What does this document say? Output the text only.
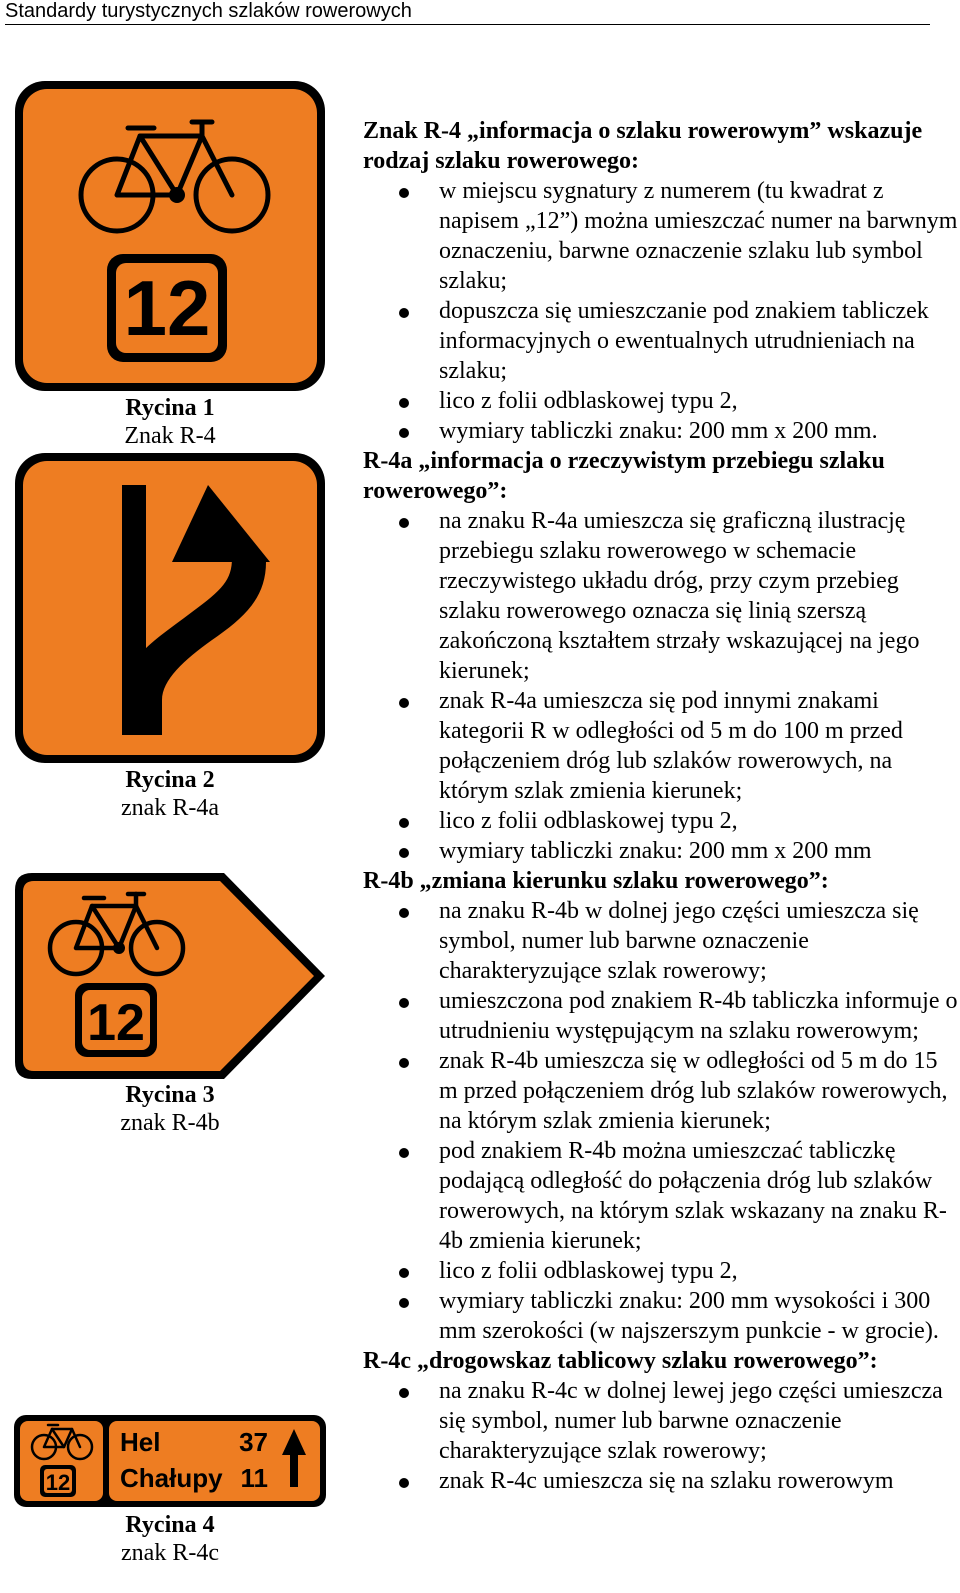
Standardy turystycznych szlaków rowerowych
12
Rycina 1
Znak R-4
Rycina 2
znak R-4a
12
Rycina 3
znak R-4b
12
Hel	37
Chałupy 11
Rycina 4
znak R-4c

Znak R-4 „informacja o szlaku rowerowym” wskazuje rodzaj szlaku rowerowego:

w miejscu sygnatury z numerem (tu kwadrat z napisem „12”) można umieszczać numer na barwnym oznaczeniu, barwne oznaczenie szlaku lub symbol szlaku;
dopuszcza się umieszczanie pod znakiem tabliczek informacyjnych o ewentualnych utrudnieniach na szlaku;
lico z folii odblaskowej typu 2,
wymiary tabliczki znaku: 200 mm x 200 mm.

R-4a „informacja o rzeczywistym przebiegu szlaku rowerowego”:

na znaku R-4a umieszcza się graficzną ilustrację przebiegu szlaku rowerowego w schemacie rzeczywistego układu dróg, przy czym przebieg szlaku rowerowego oznacza się linią szerszą zakończoną kształtem strzały wskazującej na jego kierunek;
znak R-4a umieszcza się pod innymi znakami kategorii R w odległości od 5 m do 100 m przed połączeniem dróg lub szlaków rowerowych, na którym szlak zmienia kierunek;
lico z folii odblaskowej typu 2,
wymiary tabliczki znaku: 200 mm x 200 mm

R-4b „zmiana kierunku szlaku rowerowego”:

na znaku R-4b w dolnej jego części umieszcza się symbol, numer lub barwne oznaczenie charakteryzujące szlak rowerowy;
umieszczona pod znakiem R-4b tabliczka informuje o utrudnieniu występującym na szlaku rowerowym;
znak R-4b umieszcza się w odległości od 5 m do 15 m przed połączeniem dróg lub szlaków rowerowych, na którym szlak zmienia kierunek;
pod znakiem R-4b można umieszczać tabliczkę podającą odległość do połączenia dróg lub szlaków rowerowych, na którym szlak wskazany na znaku R-4b zmienia kierunek;
lico z folii odblaskowej typu 2,
wymiary tabliczki znaku: 200 mm wysokości i 300 mm szerokości (w najszerszym punkcie - w grocie).

R-4c „drogowskaz tablicowy szlaku rowerowego”:

na znaku R-4c w dolnej lewej jego części umieszcza się symbol, numer lub barwne oznaczenie charakteryzujące szlak rowerowy;
znak R-4c umieszcza się na szlaku rowerowym
